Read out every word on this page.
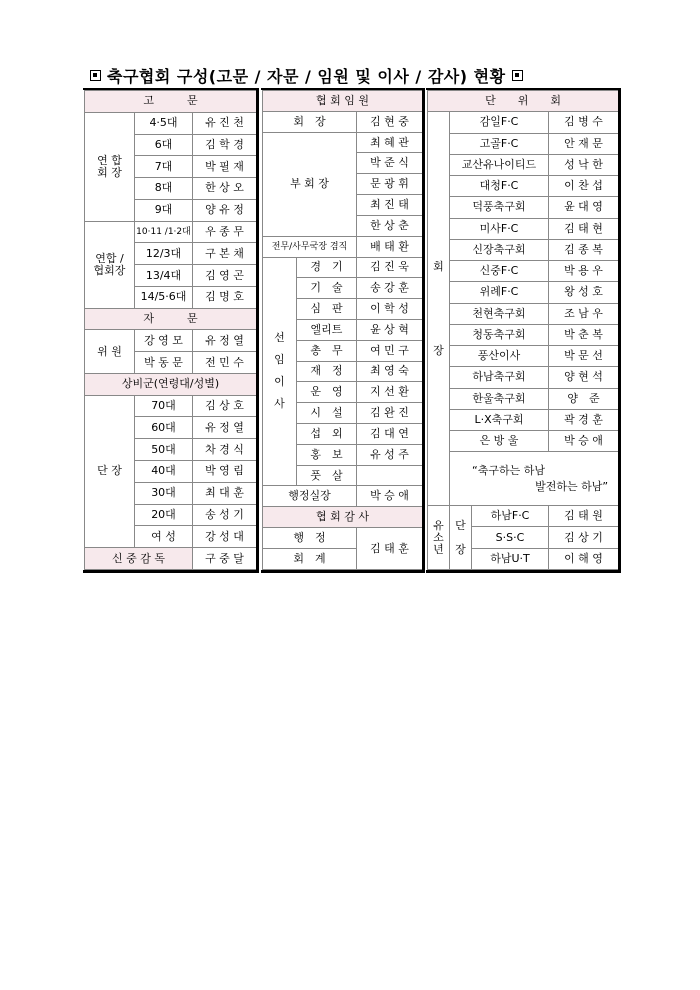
축구협회 구성(고문 / 자문 / 임원 및 이사 / 감사) 현황
고　　　문		
연 합
회 장	4·5대	유 진 천
	6대	김 학 경
	7대	박 필 재
	8대	한 상 오
	9대	양 유 정
연합 /
협회장	10·11 /1·2대	우 종 무
	12/3대	구 본 채
	13/4대	김 영 곤
	14/5·6대	김 명 호
자　　　문		
위 원	강 영 모	유 정 열
	박 동 문	전 민 수
상비군(연령대/성별)		
단 장	70대	김 상 호
	60대	유 정 열
	50대	차 경 식
	40대	박 영 림
	30대	최 대 훈
	20대	송 성 기
	여 성	강 성 대
신 중 감 독		구 중 달
협 회 임 원		
회　장		김 현 중
부 회 장		최 혜 관
		박 준 식
		문 광 휘
		최 진 태
		한 상 춘
전무/사무국장 겸직		배 태 환
선
임
이
사	경　기	김 진 욱
	기　술	송 강 훈
	심　판	이 학 성
	엘리트	윤 상 혁
	총　무	여 민 구
	재　정	최 영 숙
	운　영	지 선 환
	시　설	김 완 진
	섭　외	김 대 연
	홍　보	유 성 주
	풋　살	
행정실장		박 승 애
협 회 감 사		
행　정		김 태 훈
회　계		
단　　위　　회			
회

장	감일F·C		김 병 수
	고골F·C		안 재 문
	교산유나이티드		성 낙 한
	대청F·C		이 찬 섭
	덕풍축구회		윤 대 영
	미사F·C		김 태 현
	신장축구회		김 종 복
	신중F·C		박 용 우
	위례F·C		왕 성 호
	천현축구회		조 남 우
	청동축구회		박 춘 복
	풍산이사		박 문 선
	하남축구회		양 현 석
	한울축구회		양　준
	L·X축구회		곽 경 훈
	은 방 울		박 승 애

	“축구하는 하남
발전하는 하남”		

유
소
년	단

장	하남F·C	김 태 원
		S·S·C	김 상 기
		하남U·T	이 해 영
